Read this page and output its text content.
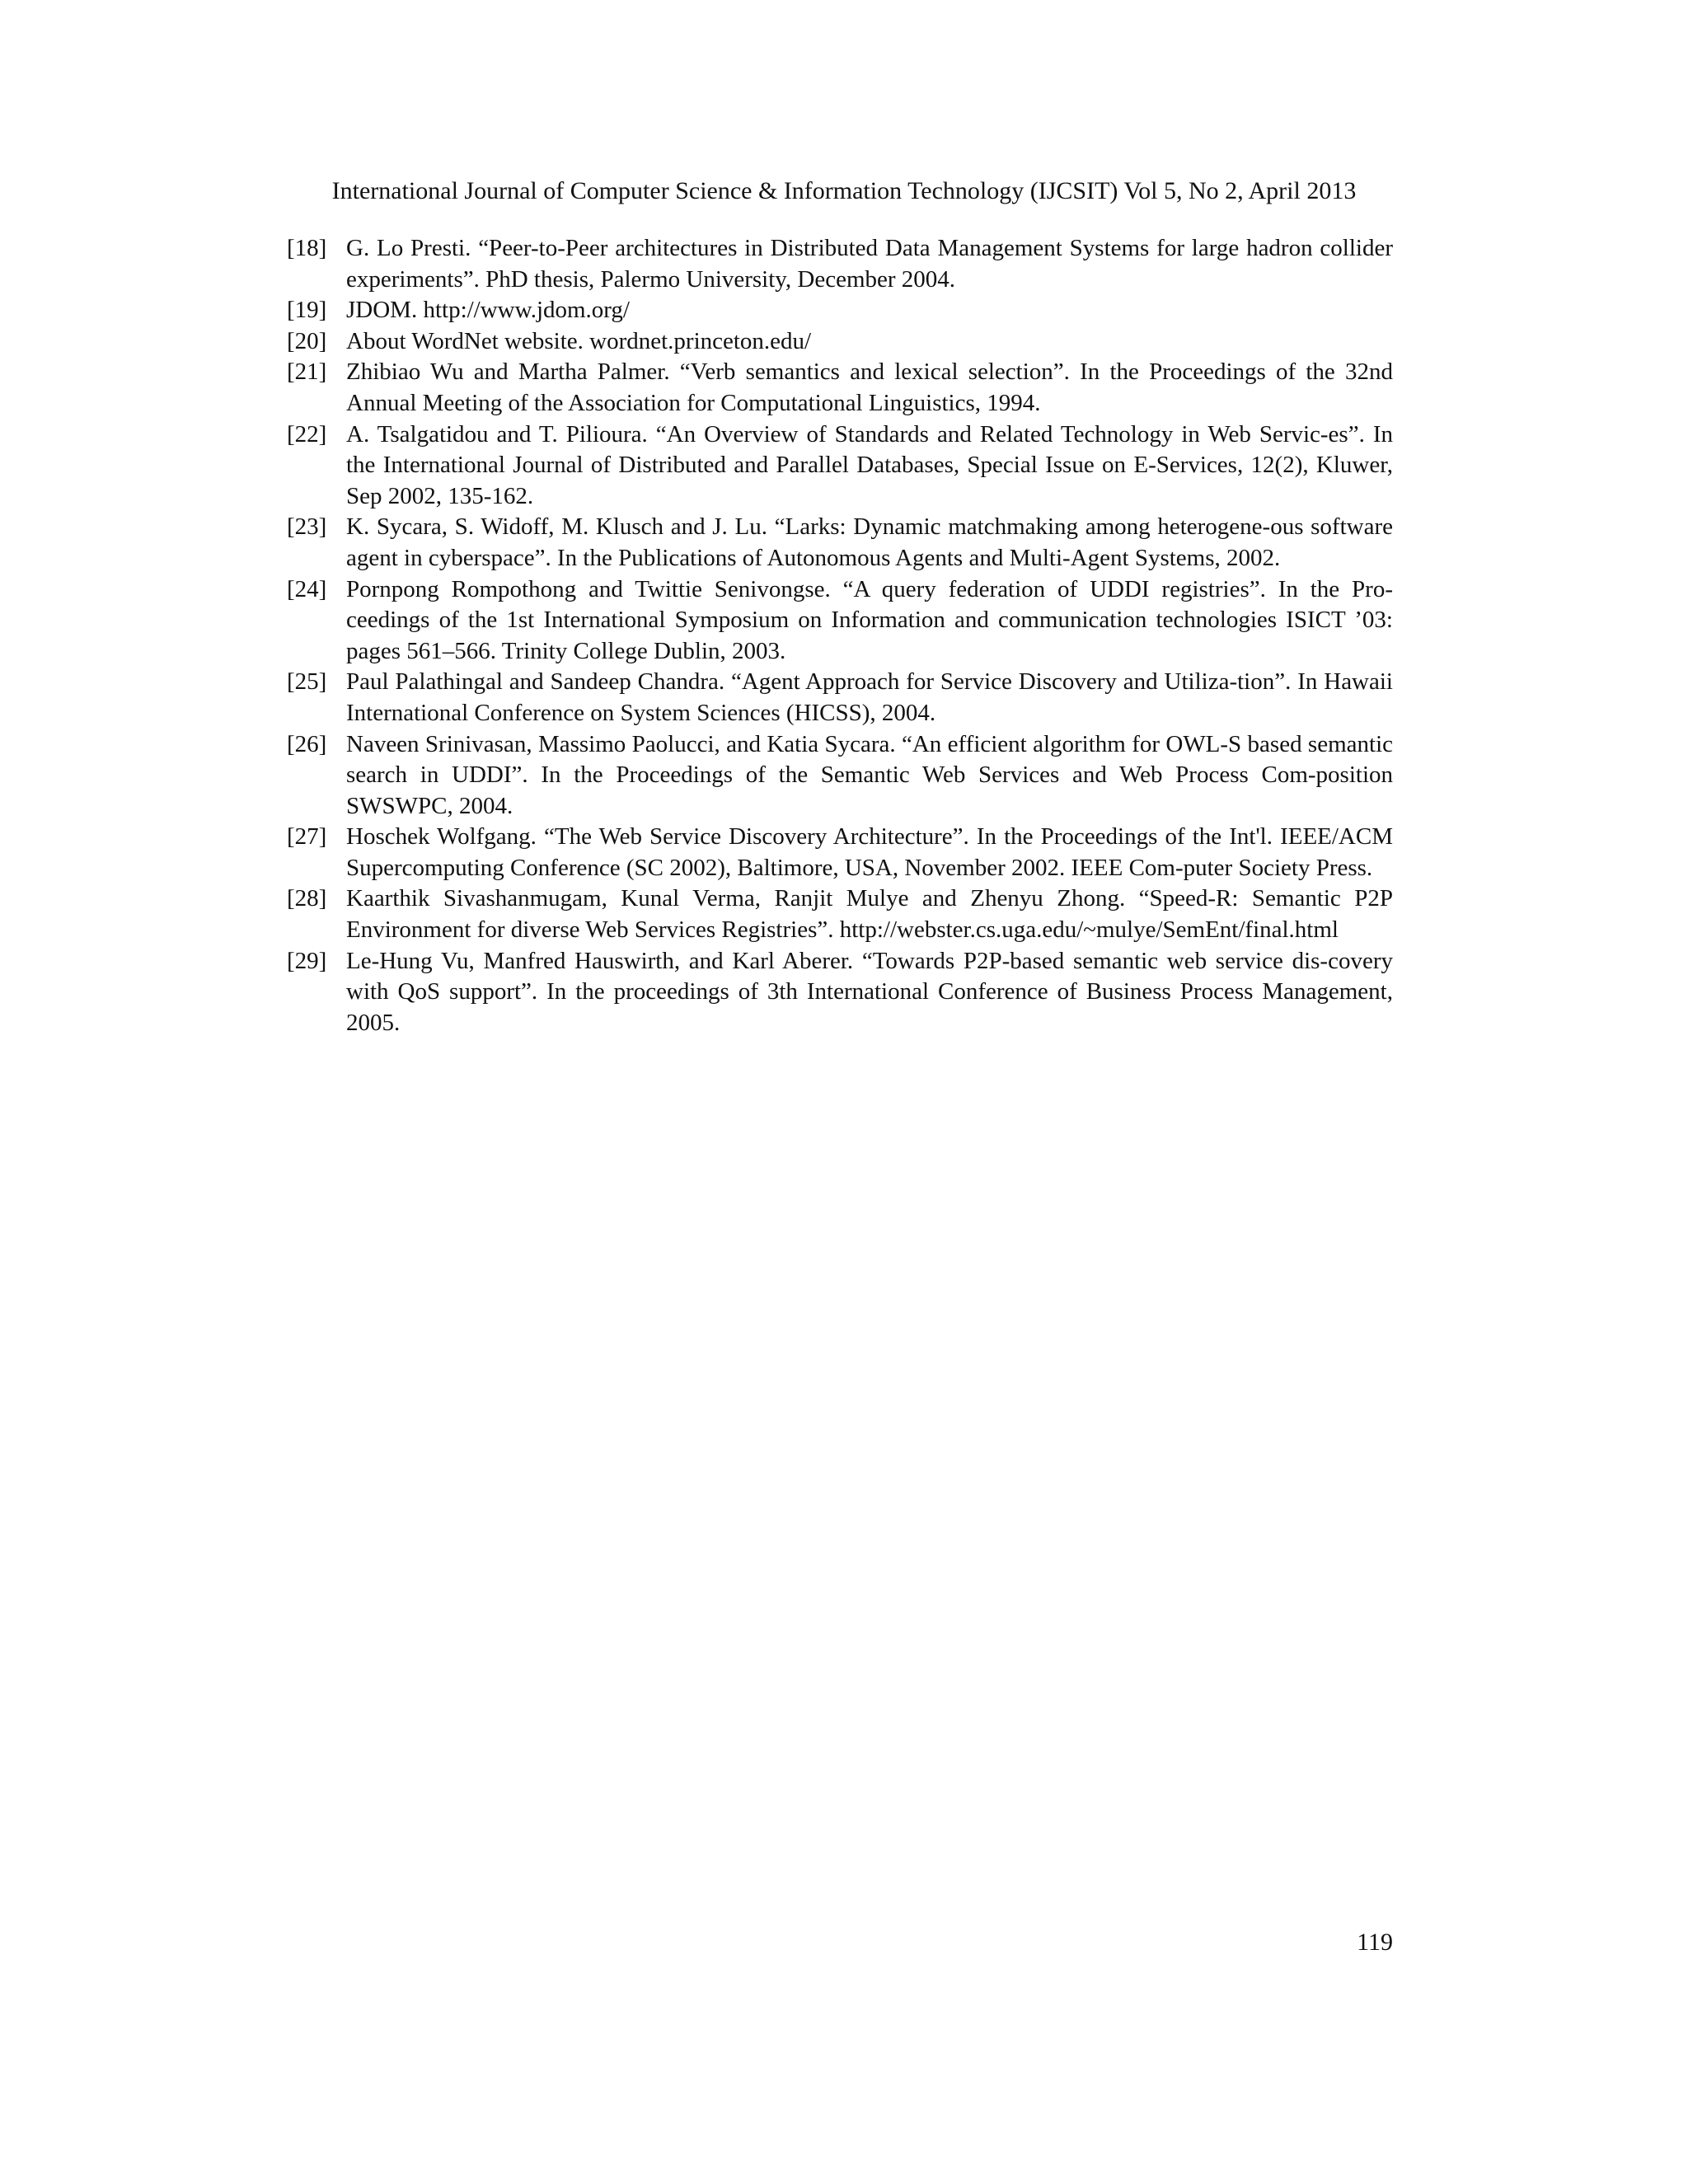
International Journal of Computer Science & Information Technology (IJCSIT) Vol 5, No 2, April 2013
[18] G. Lo Presti. “Peer-to-Peer architectures in Distributed Data Management Systems for large hadron collider experiments”. PhD thesis, Palermo University, December 2004.
[19] JDOM. http://www.jdom.org/
[20] About WordNet website. wordnet.princeton.edu/
[21] Zhibiao Wu and Martha Palmer. “Verb semantics and lexical selection”. In the Proceedings of the 32nd Annual Meeting of the Association for Computational Linguistics, 1994.
[22] A. Tsalgatidou and T. Pilioura. “An Overview of Standards and Related Technology in Web Servic-es”. In the International Journal of Distributed and Parallel Databases, Special Issue on E-Services, 12(2), Kluwer, Sep 2002, 135-162.
[23] K. Sycara, S. Widoff, M. Klusch and J. Lu. “Larks: Dynamic matchmaking among heterogene-ous software agent in cyberspace”. In the Publications of Autonomous Agents and Multi-Agent Systems, 2002.
[24] Pornpong Rompothong and Twittie Senivongse. “A query federation of UDDI registries”. In the Pro-ceedings of the 1st International Symposium on Information and communication technologies ISICT ’03: pages 561–566. Trinity College Dublin, 2003.
[25] Paul Palathingal and Sandeep Chandra. “Agent Approach for Service Discovery and Utiliza-tion”. In Hawaii International Conference on System Sciences (HICSS), 2004.
[26] Naveen Srinivasan, Massimo Paolucci, and Katia Sycara. “An efficient algorithm for OWL-S based semantic search in UDDI”. In the Proceedings of the Semantic Web Services and Web Process Com-position SWSWPC, 2004.
[27] Hoschek Wolfgang. “The Web Service Discovery Architecture”. In the Proceedings of the Int'l. IEEE/ACM Supercomputing Conference (SC 2002), Baltimore, USA, November 2002. IEEE Com-puter Society Press.
[28] Kaarthik Sivashanmugam, Kunal Verma, Ranjit Mulye and Zhenyu Zhong. “Speed-R: Semantic P2P Environment for diverse Web Services Registries”. http://webster.cs.uga.edu/~mulye/SemEnt/final.html
[29] Le-Hung Vu, Manfred Hauswirth, and Karl Aberer. “Towards P2P-based semantic web service dis-covery with QoS support”. In the proceedings of 3th International Conference of Business Process Management, 2005.
119
